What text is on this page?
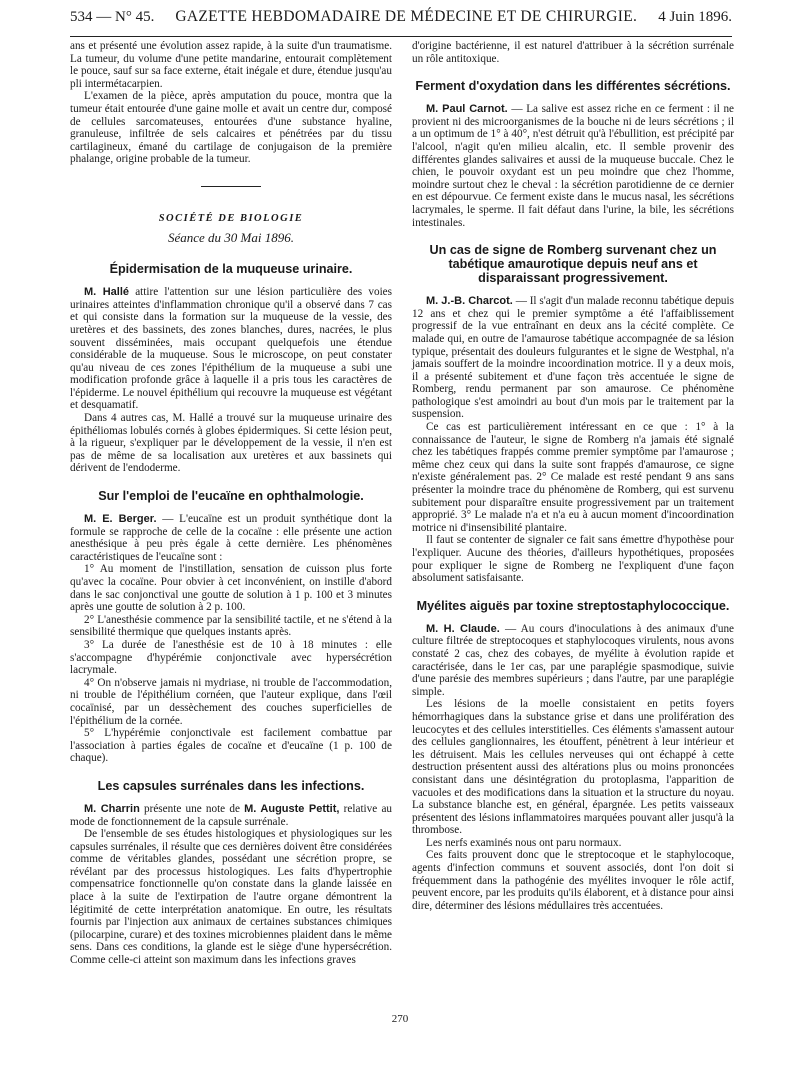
534 — N° 45. GAZETTE HEBDOMADAIRE DE MÉDECINE ET DE CHIRURGIE. 4 Juin 1896.

ans et présenté une évolution assez rapide, à la suite d'un traumatisme. La tumeur, du volume d'une petite mandarine, entourait complètement le pouce, sauf sur sa face externe, était inégale et dure, étendue jusqu'au pli intermétacarpien.

L'examen de la pièce, après amputation du pouce, montra que la tumeur était entourée d'une gaine molle et avait un centre dur, composé de cellules sarcomateuses, entourées d'une substance hyaline, granuleuse, infiltrée de sels calcaires et pénétrées par du tissu cartilagineux, émané du cartilage de conjugaison de la première phalange, origine probable de la tumeur.

SOCIÉTÉ DE BIOLOGIE
Séance du 30 Mai 1896.
Épidermisation de la muqueuse urinaire.

M. Hallé attire l'attention sur une lésion particulière des voies urinaires atteintes d'inflammation chronique qu'il a observé dans 7 cas et qui consiste dans la formation sur la muqueuse de la vessie, des uretères et des bassinets, des zones blanches, dures, nacrées, le plus souvent disséminées, mais occupant quelquefois une étendue considérable de la muqueuse. Sous le microscope, on peut constater qu'au niveau de ces zones l'épithélium de la muqueuse a subi une modification profonde grâce à laquelle il a pris tous les caractères de l'épiderme. Le nouvel épithélium qui recouvre la muqueuse est végétant et desquamatif.

Dans 4 autres cas, M. Hallé a trouvé sur la muqueuse urinaire des épithéliomas lobulés cornés à globes épidermiques. Si cette lésion peut, à la rigueur, s'expliquer par le développement de la vessie, il n'en est pas de même de sa localisation aux uretères et aux bassinets qui dérivent de l'endoderme.

Sur l'emploi de l'eucaïne en ophthalmologie.

M. E. Berger. — L'eucaïne est un produit synthétique dont la formule se rapproche de celle de la cocaïne : elle présente une action anesthésique à peu près égale à cette dernière. Les phénomènes caractéristiques de l'eucaïne sont :

1° Au moment de l'instillation, sensation de cuisson plus forte qu'avec la cocaïne. Pour obvier à cet inconvénient, on instille d'abord dans le sac conjonctival une goutte de solution à 1 p. 100 et 3 minutes après une goutte de solution à 2 p. 100.

2° L'anesthésie commence par la sensibilité tactile, et ne s'étend à la sensibilité thermique que quelques instants après.

3° La durée de l'anesthésie est de 10 à 18 minutes : elle s'accompagne d'hypérémie conjonctivale avec hypersécrétion lacrymale.

4° On n'observe jamais ni mydriase, ni trouble de l'accommodation, ni trouble de l'épithélium cornéen, que l'auteur explique, dans l'œil cocaïnisé, par un dessèchement des couches superficielles de l'épithélium de la cornée.

5° L'hypérémie conjonctivale est facilement combattue par l'association à parties égales de cocaïne et d'eucaïne (1 p. 100 de chaque).

Les capsules surrénales dans les infections.

M. Charrin présente une note de M. Auguste Pettit, relative au mode de fonctionnement de la capsule surrénale.

De l'ensemble de ses études histologiques et physiologiques sur les capsules surrénales, il résulte que ces dernières doivent être considérées comme de véritables glandes, possédant une sécrétion propre, se révélant par des processus histologiques. Les faits d'hypertrophie compensatrice fonctionnelle qu'on constate dans la glande laissée en place à la suite de l'extirpation de l'autre organe démontrent la légitimité de cette interprétation anatomique. En outre, les résultats fournis par l'injection aux animaux de certaines substances chimiques (pilocarpine, curare) et des toxines microbiennes plaident dans le même sens. Dans ces conditions, la glande est le siège d'une hypersécrétion. Comme celle-ci atteint son maximum dans les infections graves

d'origine bactérienne, il est naturel d'attribuer à la sécrétion surrénale un rôle antitoxique.

Ferment d'oxydation dans les différentes sécrétions.

M. Paul Carnot. — La salive est assez riche en ce ferment : il ne provient ni des microorganismes de la bouche ni de leurs sécrétions ; il a un optimum de 1° à 40°, n'est détruit qu'à l'ébullition, est précipité par l'alcool, n'agit qu'en milieu alcalin, etc. Il semble provenir des différentes glandes salivaires et aussi de la muqueuse buccale. Chez le chien, le pouvoir oxydant est un peu moindre que chez l'homme, moindre surtout chez le cheval : la sécrétion parotidienne de ce dernier en est dépourvue. Ce ferment existe dans le mucus nasal, les sécrétions lacrymales, le sperme. Il fait défaut dans l'urine, la bile, les sécrétions intestinales.

Un cas de signe de Romberg survenant chez un tabétique amaurotique depuis neuf ans et disparaissant progressivement.

M. J.-B. Charcot. — Il s'agit d'un malade reconnu tabétique depuis 12 ans et chez qui le premier symptôme a été l'affaiblissement progressif de la vue entraînant en deux ans la cécité complète. Ce malade qui, en outre de l'amaurose tabétique accompagnée de sa lésion typique, présentait des douleurs fulgurantes et le signe de Westphal, n'a jamais souffert de la moindre incoordination motrice. Il y a deux mois, il a présenté subitement et d'une façon très accentuée le signe de Romberg, rendu permanent par son amaurose. Ce phénomène pathologique s'est amoindri au bout d'un mois par le traitement par la suspension.

Ce cas est particulièrement intéressant en ce que : 1° à la connaissance de l'auteur, le signe de Romberg n'a jamais été signalé chez les tabétiques frappés comme premier symptôme par l'amaurose ; même chez ceux qui dans la suite sont frappés d'amaurose, ce signe n'existe généralement pas. 2° Ce malade est resté pendant 9 ans sans présenter la moindre trace du phénomène de Romberg, qui est survenu subitement pour disparaître ensuite progressivement par un traitement approprié. 3° Le malade n'a et n'a eu à aucun moment d'incoordination motrice ni d'insensibilité plantaire.

Il faut se contenter de signaler ce fait sans émettre d'hypothèse pour l'expliquer. Aucune des théories, d'ailleurs hypothétiques, proposées pour expliquer le signe de Romberg ne l'expliquent d'une façon absolument satisfaisante.

Myélites aiguës par toxine streptostaphylococcique.

M. H. Claude. — Au cours d'inoculations à des animaux d'une culture filtrée de streptocoques et staphylocoques virulents, nous avons constaté 2 cas, chez des cobayes, de myélite à évolution rapide et caractérisée, dans le 1er cas, par une paraplégie spasmodique, suivie d'une parésie des membres supérieurs ; dans l'autre, par une paraplégie simple.

Les lésions de la moelle consistaient en petits foyers hémorrhagiques dans la substance grise et dans une prolifération des leucocytes et des cellules interstitielles. Ces éléments s'amassent autour des cellules ganglionnaires, les étouffent, pénètrent à leur intérieur et les détruisent. Mais les cellules nerveuses qui ont échappé à cette destruction présentent aussi des altérations plus ou moins prononcées consistant dans une désintégration du protoplasma, l'apparition de vacuoles et des modifications dans la situation et la structure du noyau. La substance blanche est, en général, épargnée. Les petits vaisseaux présentent des lésions inflammatoires marquées pouvant aller jusqu'à la thrombose.

Les nerfs examinés nous ont paru normaux.

Ces faits prouvent donc que le streptocoque et le staphylocoque, agents d'infection communs et souvent associés, dont l'on doit si fréquemment dans la pathogénie des myélites invoquer le rôle actif, peuvent encore, par les produits qu'ils élaborent, et à distance pour ainsi dire, déterminer des lésions médullaires très accentuées.

270
